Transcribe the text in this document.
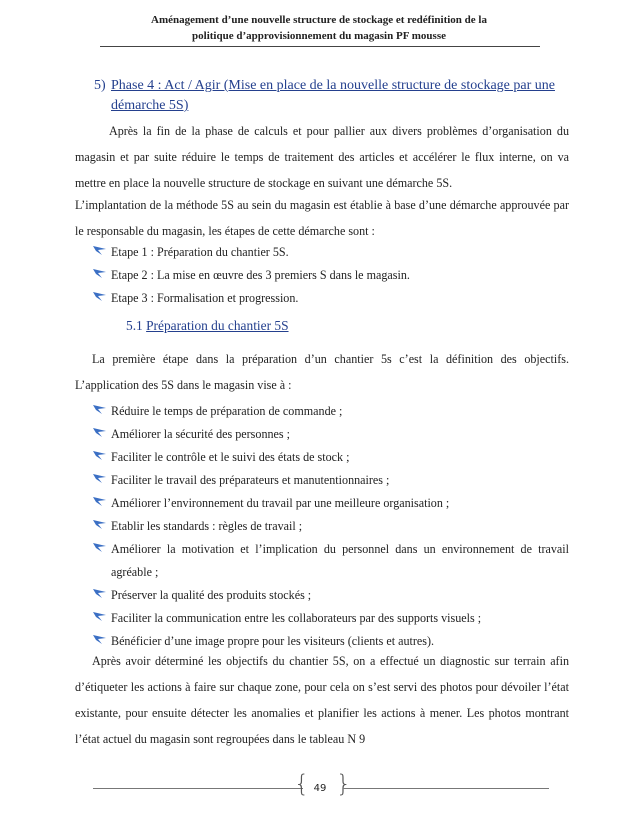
Aménagement d’une nouvelle structure de stockage et redéfinition de la
politique d’approvisionnement du magasin PF mousse
5) Phase 4 : Act / Agir (Mise en place de la nouvelle structure de stockage par une démarche 5S)
Après la fin de la phase de calculs et pour pallier aux divers problèmes d’organisation du magasin et par suite réduire le temps de traitement des articles et accélérer le flux interne, on va mettre en place la nouvelle structure de stockage en suivant une démarche 5S.
L’implantation de la méthode 5S au sein du magasin est établie à base d’une démarche approuvée par le responsable du magasin, les étapes de cette démarche sont :
Etape 1 : Préparation du chantier 5S.
Etape 2 : La mise en œuvre des 3 premiers S dans le magasin.
Etape 3 : Formalisation et progression.
5.1 Préparation du chantier 5S
La première étape dans la préparation d’un chantier 5s c’est la définition des objectifs. L’application des 5S dans le magasin vise à :
Réduire le temps de préparation de commande ;
Améliorer la sécurité des personnes ;
Faciliter le contrôle et le suivi des états de stock ;
Faciliter le travail des préparateurs et manutentionnaires ;
Améliorer l’environnement du travail par une meilleure organisation ;
Etablir les standards : règles de travail ;
Améliorer la motivation et l’implication du personnel dans un environnement de travail agréable ;
Préserver la qualité des produits stockés ;
Faciliter la communication entre les collaborateurs par des supports visuels ;
Bénéficier d’une image propre pour les visiteurs (clients et autres).
Après avoir déterminé les objectifs du chantier 5S, on a effectué un diagnostic sur terrain afin d’étiqueter les actions à faire sur chaque zone, pour cela on s’est servi des photos pour dévoiler l’état existante, pour ensuite détecter les anomalies et planifier les actions à mener. Les photos montrant l’état actuel du magasin sont regroupées dans le tableau N 9
{ 49 }
